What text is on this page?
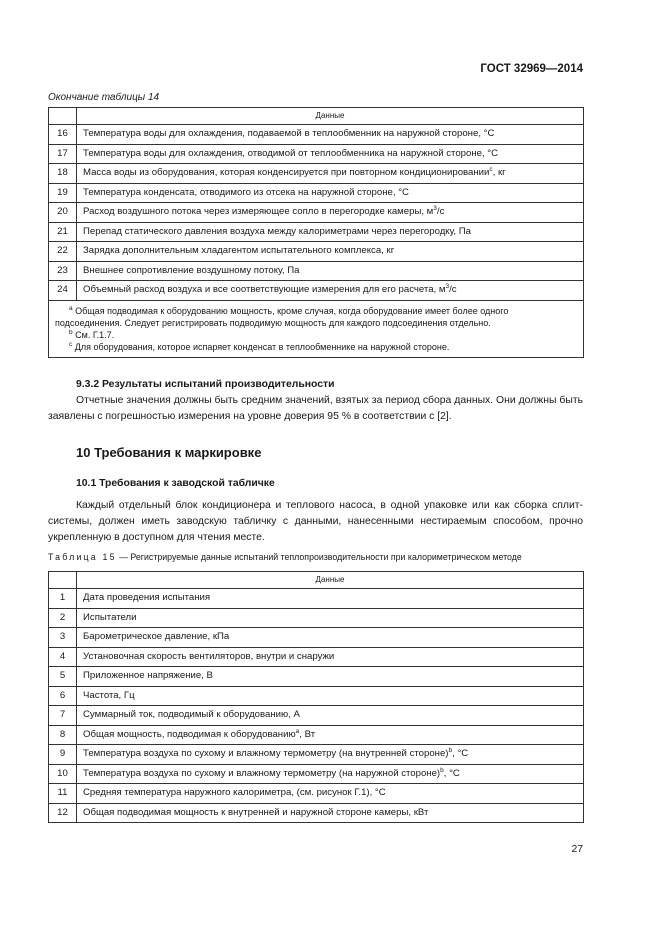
ГОСТ 32969—2014
Окончание таблицы 14
	Данные
16	Температура воды для охлаждения, подаваемой в теплообменник на наружной стороне, °С
17	Температура воды для охлаждения, отводимой от теплообменника на наружной стороне, °С
18	Масса воды из оборудования, которая конденсируется при повторном кондиционировании$^c$, кг
19	Температура конденсата, отводимого из отсека на наружной стороне, °С
20	Расход воздушного потока через измеряющее сопло в перегородке камеры, $м^3/с$
21	Перепад статического давления воздуха между калориметрами через перегородку, Па
22	Зарядка дополнительным хладагентом испытательного комплекса, кг
23	Внешнее сопротивление воздушному потоку, Па
24	Объемный расход воздуха и все соответствующие измерения для его расчета, $м^3/с$

$^a$ Общая подводимая к оборудованию мощность, кроме случая, когда оборудование имеет более одного
подсоединения. Следует регистрировать подводимую мощность для каждого подсоединения отдельно.
$^b$ См. Г.1.7.
$^c$ Для оборудования, которое испаряет конденсат в теплообменнике на наружной стороне.	
9.3.2 Результаты испытаний производительности
Отчетные значения должны быть средним значений, взятых за период сбора данных. Они должны быть заявлены с погрешностью измерения на уровне доверия 95 % в соответствии с [2].
10 Требования к маркировке
10.1 Требования к заводской табличке
Каждый отдельный блок кондиционера и теплового насоса, в одной упаковке или как сборка сплит-системы, должен иметь заводскую табличку с данными, нанесенными нестираемым способом, прочно укрепленную в доступном для чтения месте.
Таблица 15 — Регистрируемые данные испытаний теплопроизводительности при калориметрическом методе
	Данные
1	Дата проведения испытания
2	Испытатели
3	Барометрическое давление, кПа
4	Установочная скорость вентиляторов, внутри и снаружи
5	Приложенное напряжение, В
6	Частота, Гц
7	Суммарный ток, подводимый к оборудованию, А
8	Общая мощность, подводимая к оборудованию$^a$, Вт
9	Температура воздуха по сухому и влажному термометру (на внутренней стороне)$^b$, °С
10	Температура воздуха по сухому и влажному термометру (на наружной стороне)$^b$, °С
11	Средняя температура наружного калориметра, (см. рисунок Г.1), °С
12	Общая подводимая мощность к внутренней и наружной стороне камеры, кВт
27
